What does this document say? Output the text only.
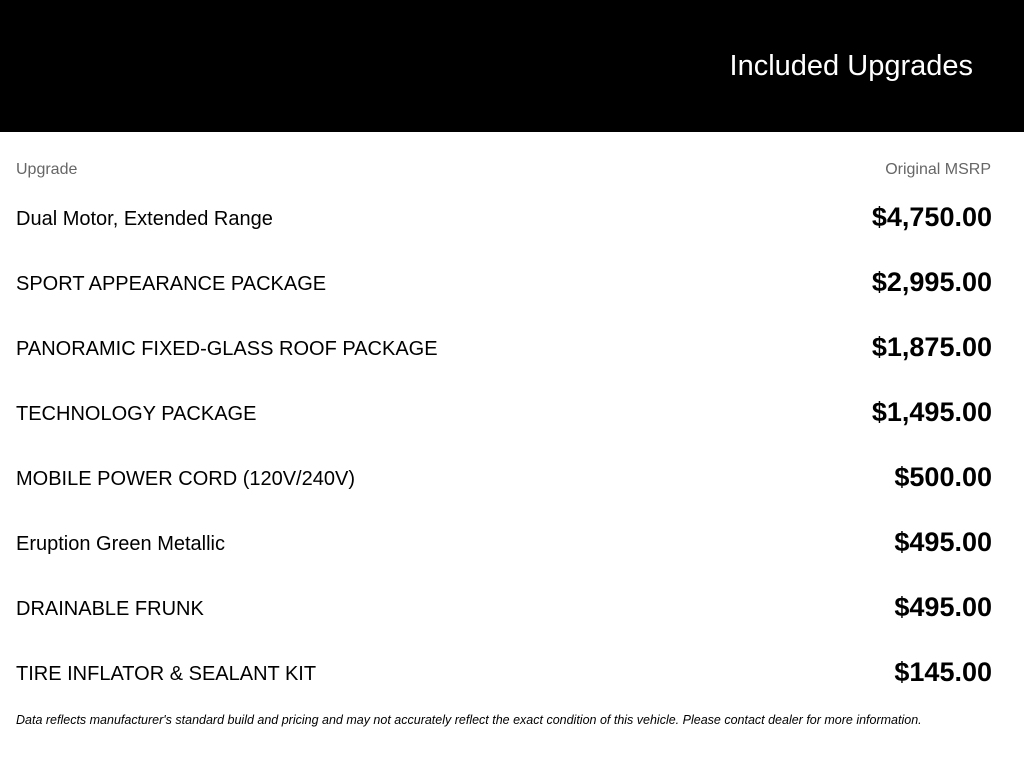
Included Upgrades
Upgrade	Original MSRP
Dual Motor, Extended Range	$4,750.00
SPORT APPEARANCE PACKAGE	$2,995.00
PANORAMIC FIXED-GLASS ROOF PACKAGE	$1,875.00
TECHNOLOGY PACKAGE	$1,495.00
MOBILE POWER CORD (120V/240V)	$500.00
Eruption Green Metallic	$495.00
DRAINABLE FRUNK	$495.00
TIRE INFLATOR & SEALANT KIT	$145.00
Data reflects manufacturer's standard build and pricing and may not accurately reflect the exact condition of this vehicle. Please contact dealer for more information.
